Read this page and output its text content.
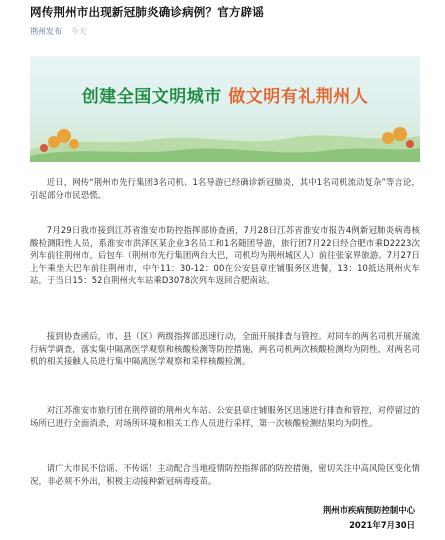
网传荆州市出现新冠肺炎确诊病例？官方辟谣
荆州发布 今天
创建全国文明城市 做文明有礼荆州人

近日，网传“荆州市先行集团3名司机、1名导游已经确诊新冠肺炎，其中1名司机流动复杂”等言论，引起部分市民恐慌。

7月29日我市接到江苏省淮安市防控指挥部协查函，7月28日江苏省淮安市报告4例新冠肺炎病毒核酸检测阳性人员，系淮安市洪泽区某企业3名员工和1名随团导游，旅行团7月22日经合肥市乘D2223次列车前往荆州市，后包车（荆州市先行集团两台大巴，司机均为荆州城区人）前往张家界旅游。7月27日上午乘坐大巴车前往荆州市，中午11：30-12：00在公安县章庄铺服务区进餐，13：10抵达荆州火车站，于当日15：52自荆州火车站乘D3078次列车返回合肥南站。

接到协查函后，市、县（区）两级指挥部迅速行动，全面开展排查与管控。对同车的两名司机开展流行病学调查，落实集中隔离医学观察和核酸检测等防控措施，两名司机两次核酸检测均为阴性，对两名司机的相关接触人员进行集中隔离医学观察和采样核酸检测。

对江苏淮安市旅行团在荆停留的荆州火车站、公安县章庄铺服务区迅速进行排查和管控，对停留过的场所已进行全面消杀，对场所环境和相关工作人员进行采样，第一次核酸检测结果均为阴性。

请广大市民不信谣、不传谣！主动配合当地疫情防控指挥部的防控措施，密切关注中高风险区变化情况，非必须不外出，积极主动接种新冠病毒疫苗。

荆州市疾病预防控制中心
2021年7月30日
